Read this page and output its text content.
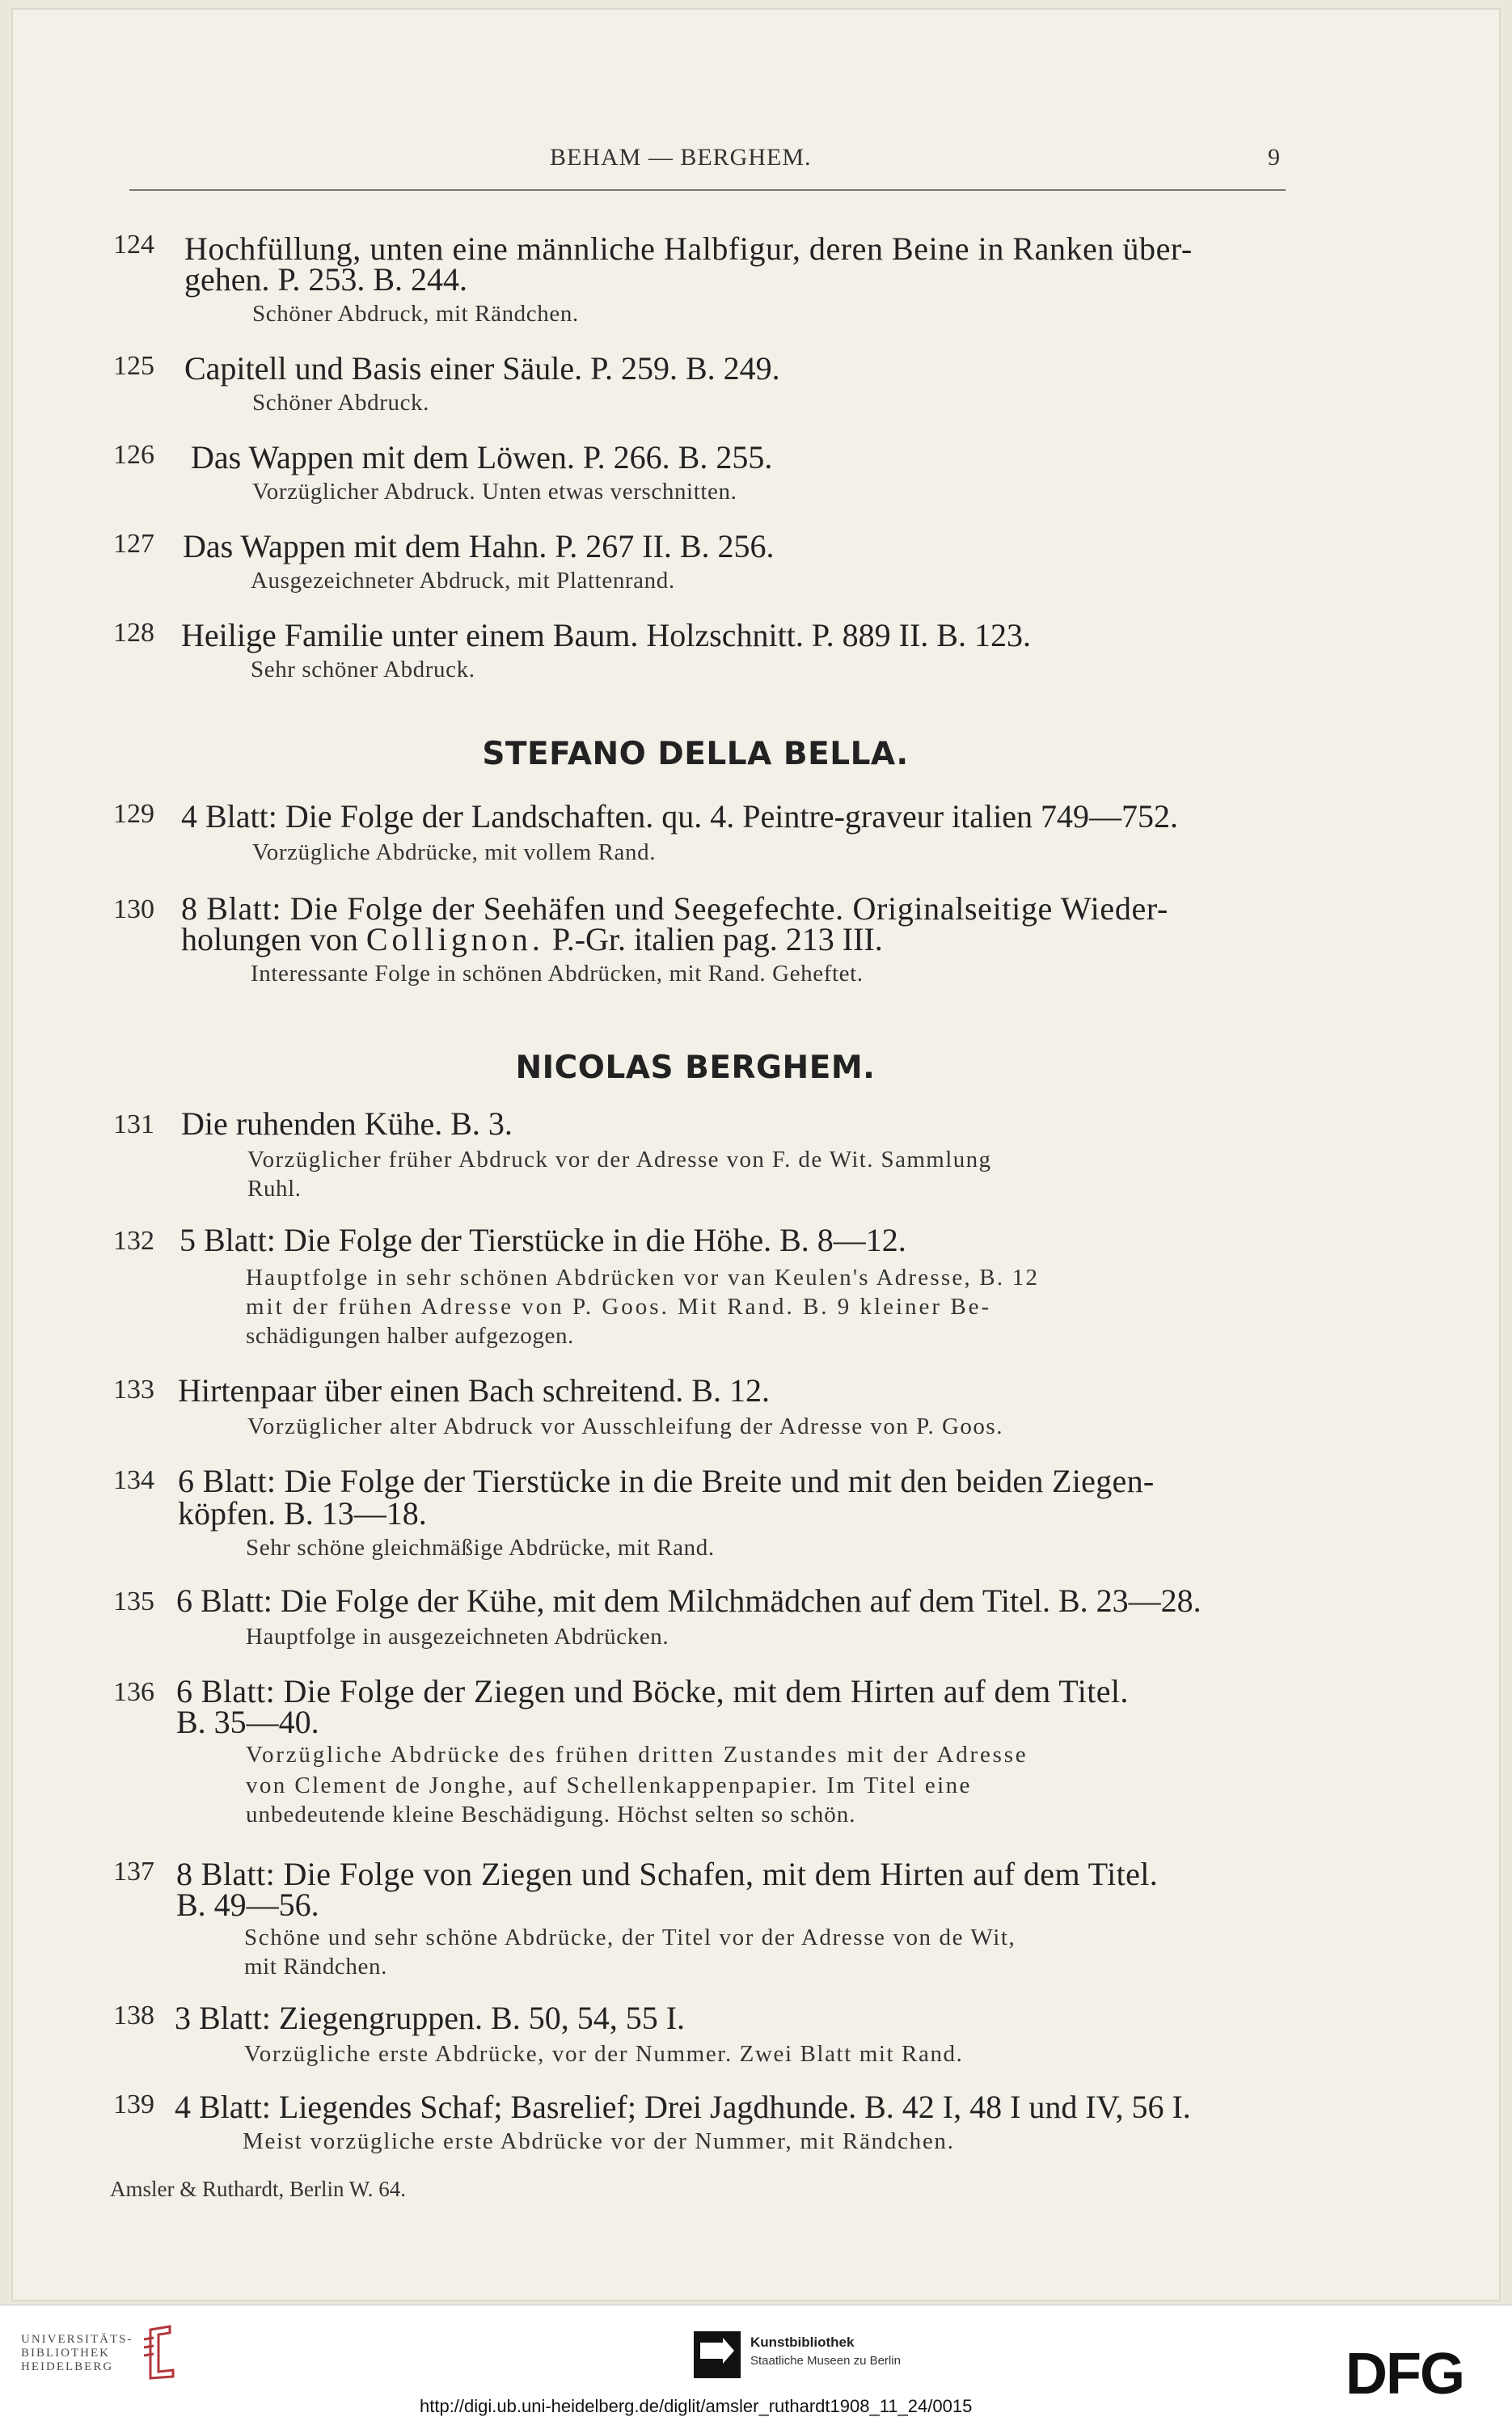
BEHAM — BERGHEM.	9
124 Hochfüllung, unten eine männliche Halbfigur, deren Beine in Ranken über-
gehen. P. 253. B. 244.
Schöner Abdruck, mit Rändchen.
125 Capitell und Basis einer Säule. P. 259. B. 249.
Schöner Abdruck.
126 Das Wappen mit dem Löwen. P. 266. B. 255.
Vorzüglicher Abdruck. Unten etwas verschnitten.
127 Das Wappen mit dem Hahn. P. 267 II. B. 256.
Ausgezeichneter Abdruck, mit Plattenrand.
128 Heilige Familie unter einem Baum. Holzschnitt. P. 889 II. B. 123.
Sehr schöner Abdruck.
STEFANO DELLA BELLA.
129 4 Blatt: Die Folge der Landschaften. qu. 4. Peintre-graveur italien 749—752.
Vorzügliche Abdrücke, mit vollem Rand.
130 8 Blatt: Die Folge der Seehäfen und Seegefechte. Originalseitige Wieder-
holungen von Collignon. P.-Gr. italien pag. 213 III.
Interessante Folge in schönen Abdrücken, mit Rand. Geheftet.
NICOLAS BERGHEM.
131 Die ruhenden Kühe. B. 3.
Vorzüglicher früher Abdruck vor der Adresse von F. de Wit. Sammlung
Ruhl.
132 5 Blatt: Die Folge der Tierstücke in die Höhe. B. 8—12.
Hauptfolge in sehr schönen Abdrücken vor van Keulen's Adresse, B. 12
mit der frühen Adresse von P. Goos. Mit Rand. B. 9 kleiner Be-
schädigungen halber aufgezogen.
133 Hirtenpaar über einen Bach schreitend. B. 12.
Vorzüglicher alter Abdruck vor Ausschleifung der Adresse von P. Goos.
134 6 Blatt: Die Folge der Tierstücke in die Breite und mit den beiden Ziegen-
köpfen. B. 13—18.
Sehr schöne gleichmäßige Abdrücke, mit Rand.
135 6 Blatt: Die Folge der Kühe, mit dem Milchmädchen auf dem Titel. B. 23—28.
Hauptfolge in ausgezeichneten Abdrücken.
136 6 Blatt: Die Folge der Ziegen und Böcke, mit dem Hirten auf dem Titel.
B. 35—40.
Vorzügliche Abdrücke des frühen dritten Zustandes mit der Adresse
von Clement de Jonghe, auf Schellenkappenpapier. Im Titel eine
unbedeutende kleine Beschädigung. Höchst selten so schön.
137 8 Blatt: Die Folge von Ziegen und Schafen, mit dem Hirten auf dem Titel.
B. 49—56.
Schöne und sehr schöne Abdrücke, der Titel vor der Adresse von de Wit,
mit Rändchen.
138 3 Blatt: Ziegengruppen. B. 50, 54, 55 I.
Vorzügliche erste Abdrücke, vor der Nummer. Zwei Blatt mit Rand.
139 4 Blatt: Liegendes Schaf; Basrelief; Drei Jagdhunde. B. 42 I, 48 I und IV, 56 I.
Meist vorzügliche erste Abdrücke vor der Nummer, mit Rändchen.
Amsler & Ruthardt, Berlin W. 64.
UNIVERSITÄTS-
BIBLIOTHEK
HEIDELBERG
Kunstbibliothek
Staatliche Museen zu Berlin	DFG
http://digi.ub.uni-heidelberg.de/diglit/amsler_ruthardt1908_11_24/0015
